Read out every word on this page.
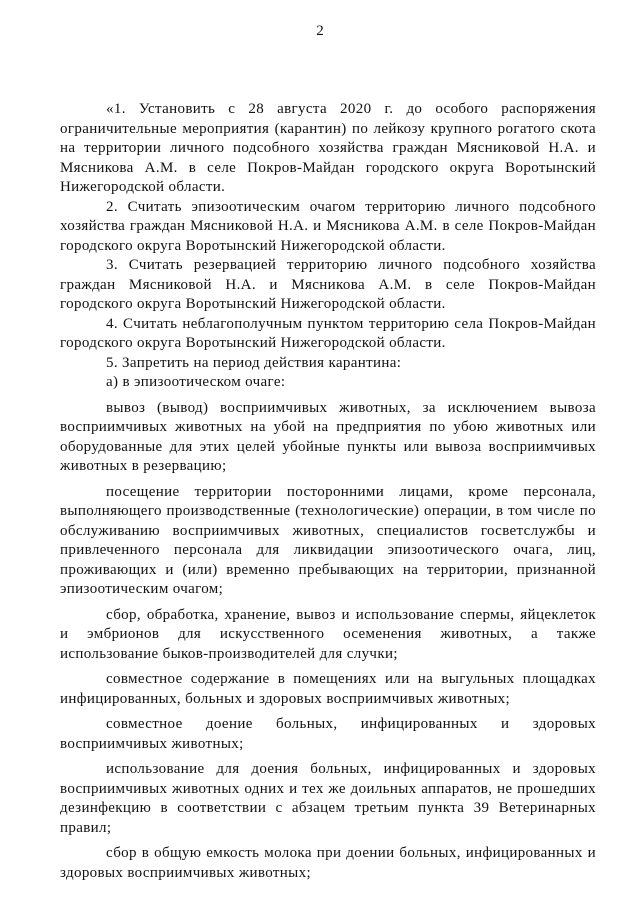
2

«1. Установить с 28 августа 2020 г. до особого распоряжения ограничительные мероприятия (карантин) по лейкозу крупного рогатого скота на территории личного подсобного хозяйства граждан Мясниковой Н.А. и Мясникова А.М. в селе Покров-Майдан городского округа Воротынский Нижегородской области.

2. Считать эпизоотическим очагом территорию личного подсобного хозяйства граждан Мясниковой Н.А. и Мясникова А.М. в селе Покров-Майдан городского округа Воротынский Нижегородской области.

3. Считать резервацией территорию личного подсобного хозяйства граждан Мясниковой Н.А. и Мясникова А.М. в селе Покров-Майдан городского округа Воротынский Нижегородской области.

4. Считать неблагополучным пунктом территорию села Покров-Майдан городского округа Воротынский Нижегородской области.

5. Запретить на период действия карантина:

а) в эпизоотическом очаге:

вывоз (вывод) восприимчивых животных, за исключением вывоза восприимчивых животных на убой на предприятия по убою животных или оборудованные для этих целей убойные пункты или вывоза восприимчивых животных в резервацию;

посещение территории посторонними лицами, кроме персонала, выполняющего производственные (технологические) операции, в том числе по обслуживанию восприимчивых животных, специалистов госветслужбы и привлеченного персонала для ликвидации эпизоотического очага, лиц, проживающих и (или) временно пребывающих на территории, признанной эпизоотическим очагом;

сбор, обработка, хранение, вывоз и использование спермы, яйцеклеток и эмбрионов для искусственного осеменения животных, а также использование быков-производителей для случки;

совместное содержание в помещениях или на выгульных площадках инфицированных, больных и здоровых восприимчивых животных;

совместное доение больных, инфицированных и здоровых восприимчивых животных;

использование для доения больных, инфицированных и здоровых восприимчивых животных одних и тех же доильных аппаратов, не прошедших дезинфекцию в соответствии с абзацем третьим пункта 39 Ветеринарных правил;

сбор в общую емкость молока при доении больных, инфицированных и здоровых восприимчивых животных;
